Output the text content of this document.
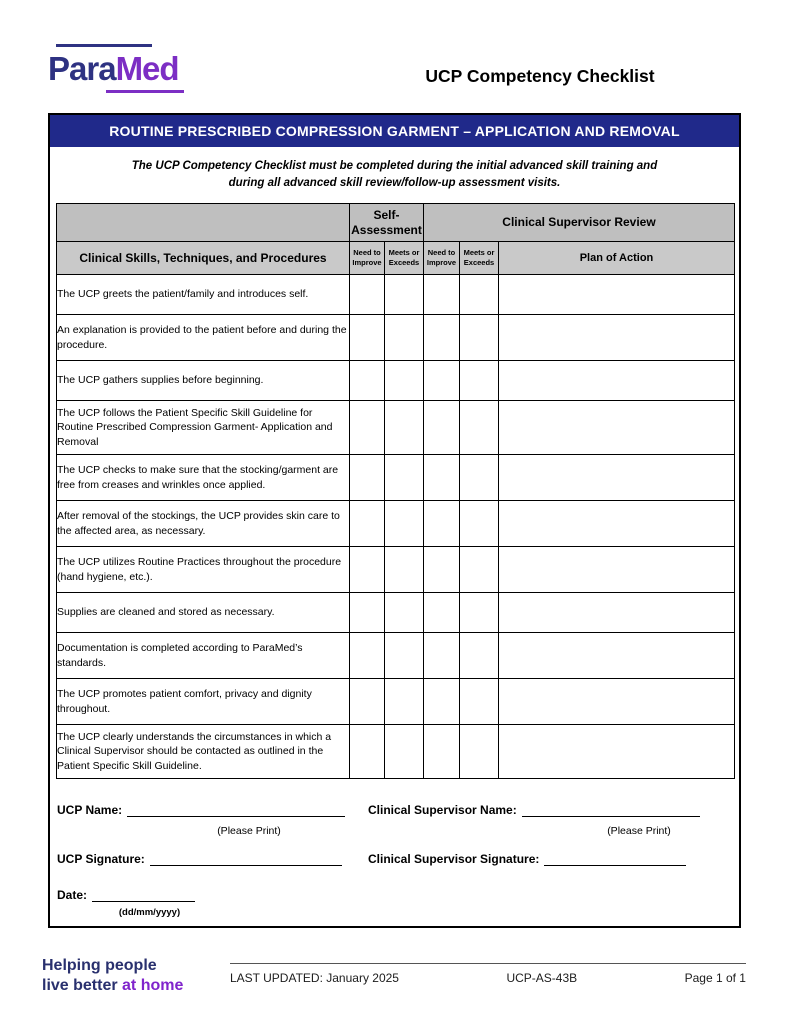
ParaMed	UCP Competency Checklist
ROUTINE PRESCRIBED COMPRESSION GARMENT – APPLICATION AND REMOVAL
The UCP Competency Checklist must be completed during the initial advanced skill training and
during all advanced skill review/follow-up assessment visits.
	Self-Assessment		Clinical Supervisor Review		
Clinical Skills, Techniques, and Procedures	Need to Improve	Meets or Exceeds	Need to Improve	Meets or Exceeds	Plan of Action
The UCP greets the patient/family and introduces self.					
An explanation is provided to the patient before and during the procedure.					
The UCP gathers supplies before beginning.					
The UCP follows the Patient Specific Skill Guideline for Routine Prescribed Compression Garment- Application and Removal					
The UCP checks to make sure that the stocking/garment are free from creases and wrinkles once applied.					
After removal of the stockings, the UCP provides skin care to the affected area, as necessary.					
The UCP utilizes Routine Practices throughout the procedure (hand hygiene, etc.).					
Supplies are cleaned and stored as necessary.					
Documentation is completed according to ParaMed’s standards.					
The UCP promotes patient comfort, privacy and dignity throughout.					
The UCP clearly understands the circumstances in which a Clinical Supervisor should be contacted as outlined in the Patient Specific Skill Guideline.					
UCP Name:	Clinical Supervisor Name:
(Please Print)	(Please Print)
UCP Signature:	Clinical Supervisor Signature:
Date:
(dd/mm/yyyy)
Helping people
live better at home	LAST UPDATED: January 2025	UCP-AS-43B	Page 1 of 1
